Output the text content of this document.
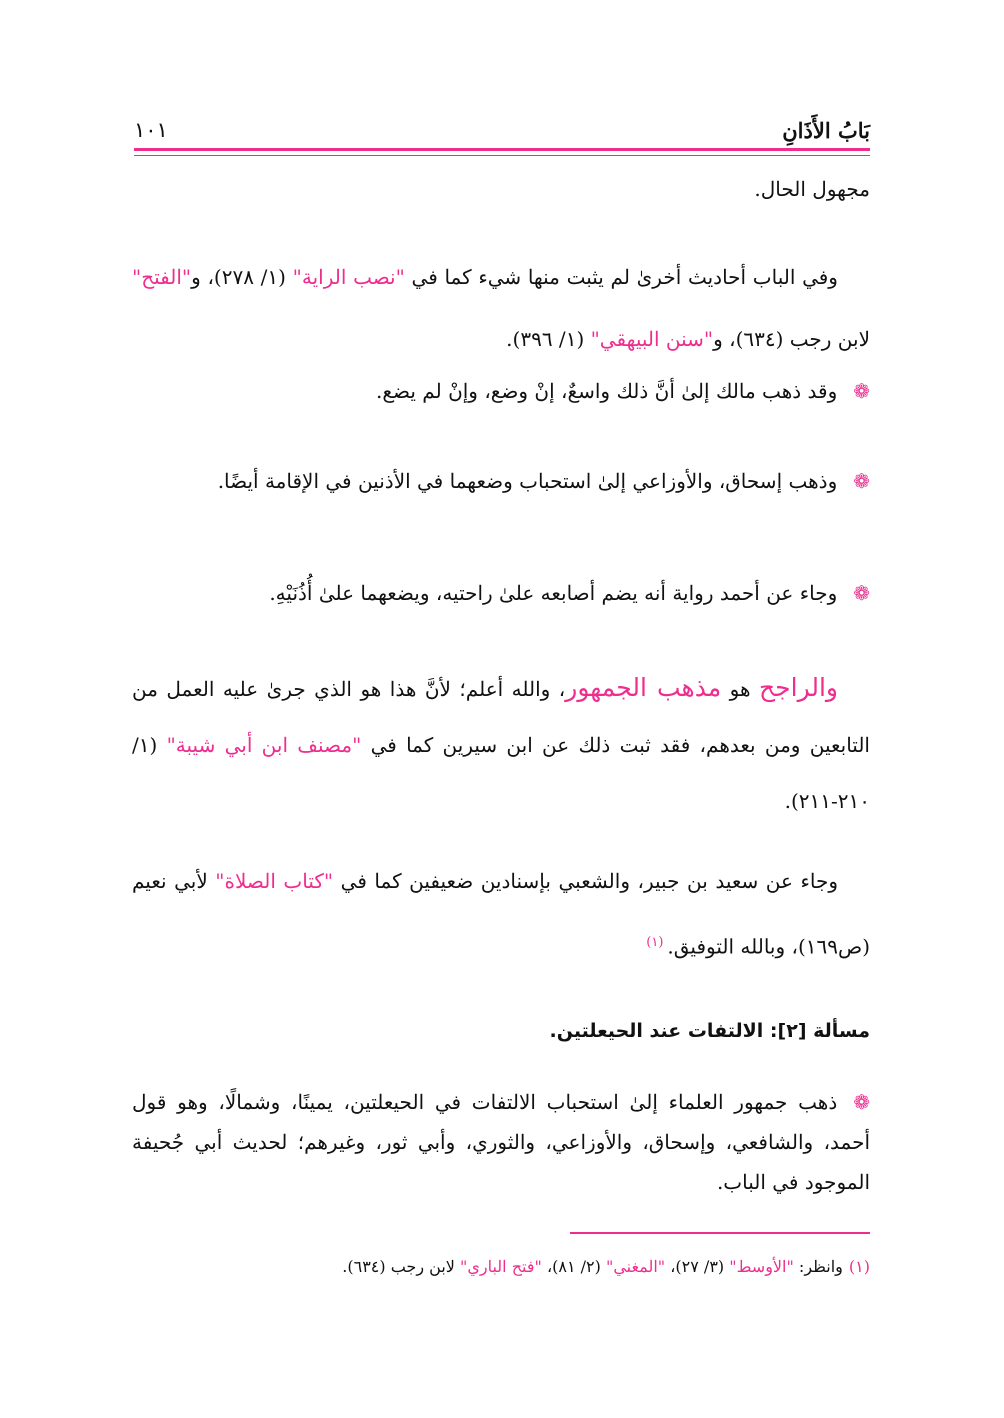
بَابُ الأَذَانِ
١٠١
مجهول الحال.
وفي الباب أحاديث أخرىٰ لم يثبت منها شيء كما في "نصب الراية" (١/ ٢٧٨)، و"الفتح" لابن رجب (٦٣٤)، و"سنن البيهقي" (١/ ٣٩٦).
❁وقد ذهب مالك إلىٰ أنَّ ذلك واسعٌ، إنْ وضع، وإنْ لم يضع.
❁وذهب إسحاق، والأوزاعي إلىٰ استحباب وضعهما في الأذنين في الإقامة أيضًا.
❁وجاء عن أحمد رواية أنه يضم أصابعه علىٰ راحتيه، ويضعهما علىٰ أُذُنَيْهِ.
والراجح هو مذهب الجمهور، والله أعلم؛ لأنَّ هذا هو الذي جرىٰ عليه العمل من التابعين ومن بعدهم، فقد ثبت ذلك عن ابن سيرين كما في "مصنف ابن أبي شيبة" (١/ ٢١٠-٢١١).
وجاء عن سعيد بن جبير، والشعبي بإسنادين ضعيفين كما في "كتاب الصلاة" لأبي نعيم (ص١٦٩)، وبالله التوفيق.$^{(١)}$
مسألة [٢]: الالتفات عند الحيعلتين.
❁ذهب جمهور العلماء إلىٰ استحباب الالتفات في الحيعلتين، يمينًا، وشمالًا، وهو قول أحمد، والشافعي، وإسحاق، والأوزاعي، والثوري، وأبي ثور، وغيرهم؛ لحديث أبي جُحيفة الموجود في الباب.
(١)وانظر: "الأوسط" (٣/ ٢٧)، "المغني" (٢/ ٨١)، "فتح الباري" لابن رجب (٦٣٤).
